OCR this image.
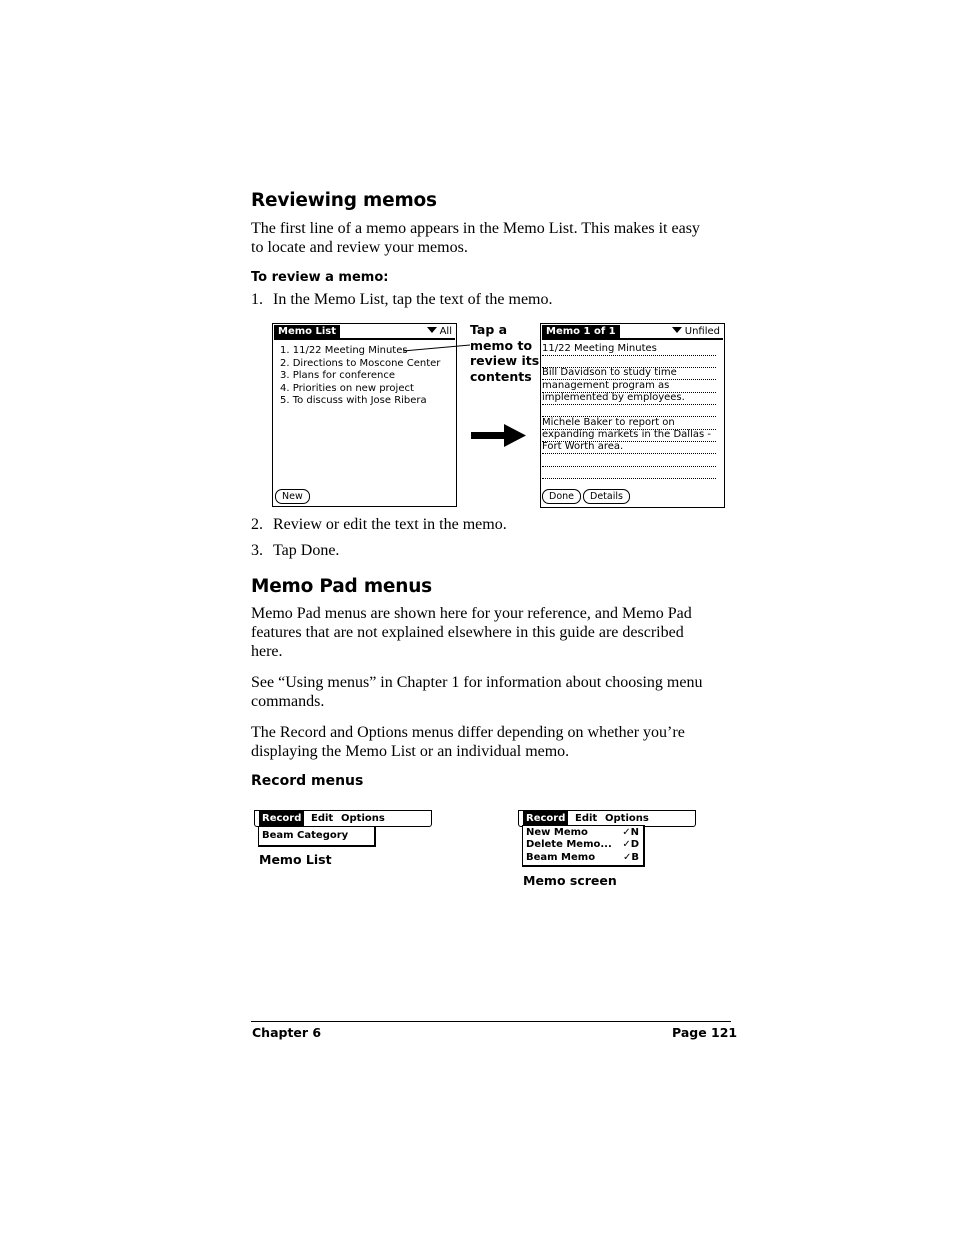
Reviewing memos

The first line of a memo appears in the Memo List. This makes it easy

to locate and review your memos.

To review a memo:
1. In the Memo List, tap the text of the memo.
Memo List	All
1. 11/22 Meeting Minutes
2. Directions to Moscone Center
3. Plans for conference
4. Priorities on new project
5. To discuss with Jose Ribera
New
Tap a
memo to
review its
contents
Memo 1 of 1	Unfiled
11/22 Meeting Minutes
Bill Davidson to study time
management program as
implemented by employees.
Michele Baker to report on
expanding markets in the Dallas -
Fort Worth area.
Done	Details
2. Review or edit the text in the memo.
3. Tap Done.
Memo Pad menus

Memo Pad menus are shown here for your reference, and Memo Pad

features that are not explained elsewhere in this guide are described

here.

See “Using menus” in Chapter 1 for information about choosing menu

commands.

The Record and Options menus differ depending on whether you’re

displaying the Memo List or an individual memo.

Record menus
Record Edit Options
Beam Category
Memo List
Record Edit Options
New Memo	✓N
Delete Memo... ✓D
Beam Memo	✓B
Memo screen
Chapter 6	Page 121
